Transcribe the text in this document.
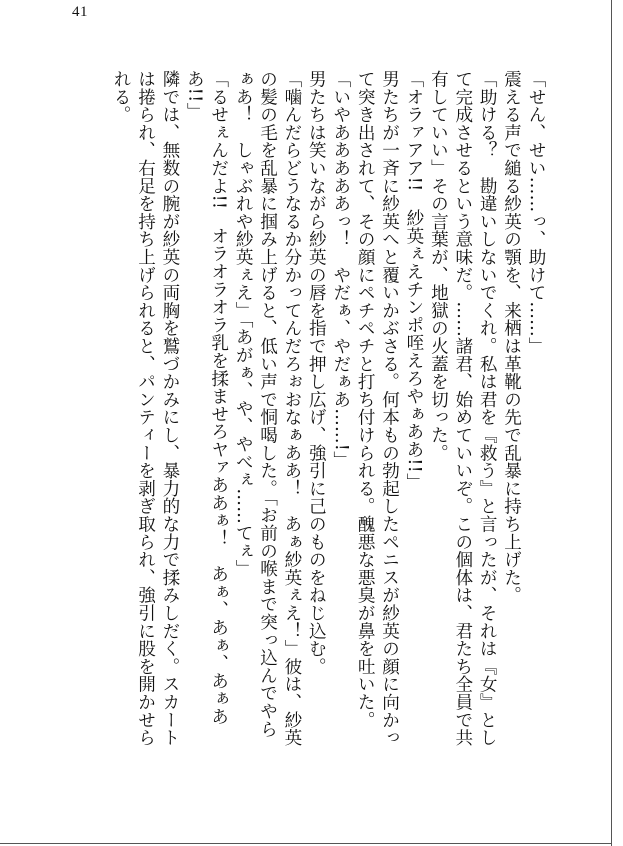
41

「せん、せい……っ、助けて……」

震える声で縋る紗英の顎を、来栖は革靴の先で乱暴に持ち上げた。

「助ける？　勘違いしないでくれ。私は君を『救う』と言ったが、それは『女』として完成させるという意味だ。……諸君、始めていいぞ。この個体は、君たち全員で共有していい」その言葉が、地獄の火蓋を切った。

「オラァアア!!　紗英ぇえチンポ咥えろやぁああ!!」

男たちが一斉に紗英へと覆いかぶさる。何本もの勃起したペニスが紗英の顔に向かって突き出されて、その顔にペチペチと打ち付けられる。醜悪な悪臭が鼻を吐いた。

「いやあああああっ！　やだぁ、やだぁあ……!」

男たちは笑いながら紗英の唇を指で押し広げ、強引に己のものをねじ込む。

「噛んだらどうなるか分かってんだろぉおなぁああ！　あぁ紗英ぇえ！」彼は、紗英の髪の毛を乱暴に掴み上げると、低い声で恫喝した。「お前の喉まで突っ込んでやらぁあ！　しゃぶれや紗英ぇえ」「あがぁ、や、やべぇ……てぇ」

「るせぇんだよ!!　オラオラオラ乳を揉ませろヤァああぁ！　あぁ、あぁ、あぁああ!!」

隣では、無数の腕が紗英の両胸を鷲づかみにし、暴力的な力で揉みしだく。スカートは捲られ、右足を持ち上げられると、パンティーを剥ぎ取られ、強引に股を開かせられる。
